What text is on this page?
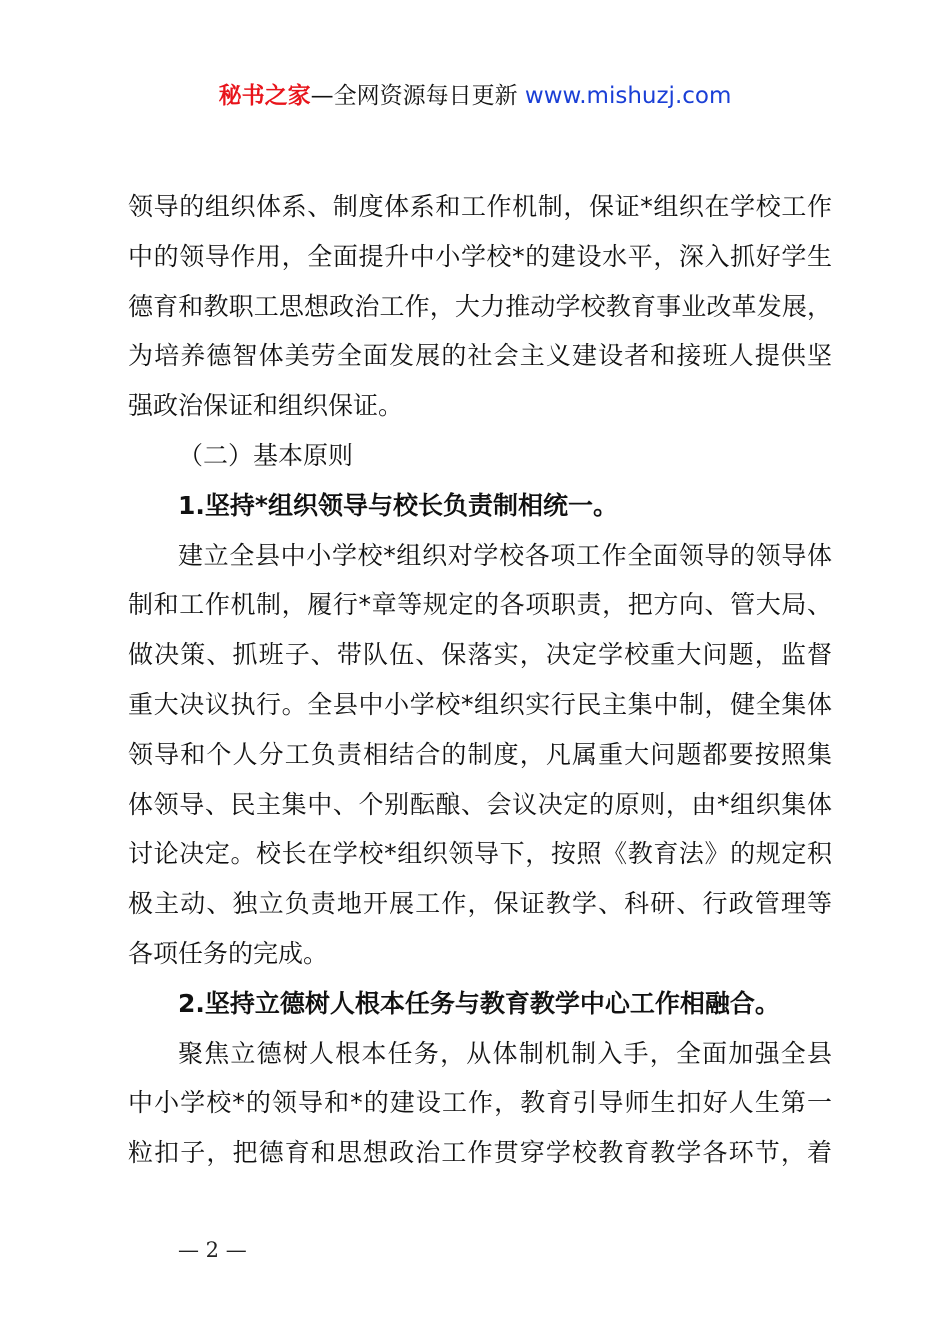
秘书之家—全网资源每日更新 www.mishuzj.com
领导的组织体系、制度体系和工作机制，保证*组织在学校工作
中的领导作用，全面提升中小学校*的建设水平，深入抓好学生
德育和教职工思想政治工作，大力推动学校教育事业改革发展，
为培养德智体美劳全面发展的社会主义建设者和接班人提供坚
强政治保证和组织保证。
（二）基本原则
1.坚持*组织领导与校长负责制相统一。
建立全县中小学校*组织对学校各项工作全面领导的领导体
制和工作机制，履行*章等规定的各项职责，把方向、管大局、
做决策、抓班子、带队伍、保落实，决定学校重大问题，监督
重大决议执行。全县中小学校*组织实行民主集中制，健全集体
领导和个人分工负责相结合的制度，凡属重大问题都要按照集
体领导、民主集中、个别酝酿、会议决定的原则，由*组织集体
讨论决定。校长在学校*组织领导下，按照《教育法》的规定积
极主动、独立负责地开展工作，保证教学、科研、行政管理等
各项任务的完成。
2.坚持立德树人根本任务与教育教学中心工作相融合。
聚焦立德树人根本任务，从体制机制入手，全面加强全县
中小学校*的领导和*的建设工作，教育引导师生扣好人生第一
粒扣子，把德育和思想政治工作贯穿学校教育教学各环节，着
— 2 —
